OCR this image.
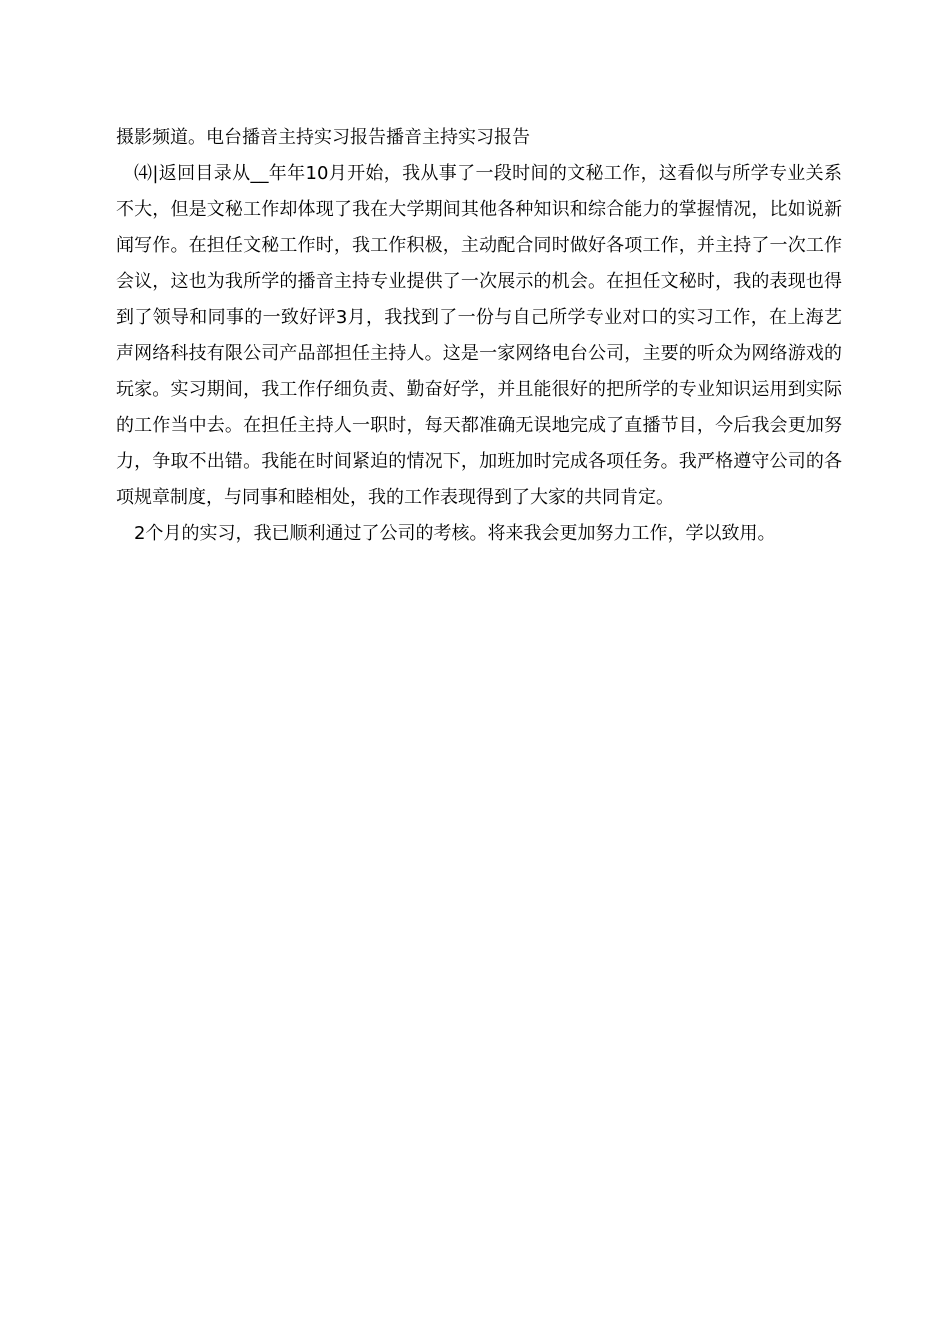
摄影频道。电台播音主持实习报告播音主持实习报告

⑷|返回目录从__年年10月开始，我从事了一段时间的文秘工作，这看似与所学专业关系不大，但是文秘工作却体现了我在大学期间其他各种知识和综合能力的掌握情况，比如说新闻写作。在担任文秘工作时，我工作积极，主动配合同时做好各项工作，并主持了一次工作会议，这也为我所学的播音主持专业提供了一次展示的机会。在担任文秘时，我的表现也得到了领导和同事的一致好评3月，我找到了一份与自己所学专业对口的实习工作，在上海艺声网络科技有限公司产品部担任主持人。这是一家网络电台公司，主要的听众为网络游戏的玩家。实习期间，我工作仔细负责、勤奋好学，并且能很好的把所学的专业知识运用到实际的工作当中去。在担任主持人一职时，每天都准确无误地完成了直播节目，今后我会更加努力，争取不出错。我能在时间紧迫的情况下，加班加时完成各项任务。我严格遵守公司的各项规章制度，与同事和睦相处，我的工作表现得到了大家的共同肯定。

2个月的实习，我已顺利通过了公司的考核。将来我会更加努力工作，学以致用。
